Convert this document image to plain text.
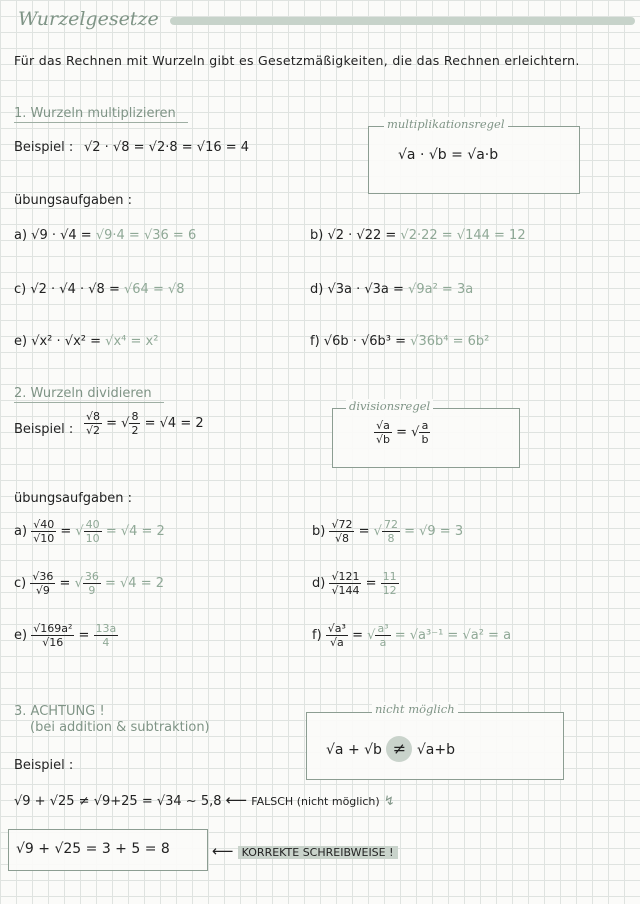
Wurzelgesetze
Für das Rechnen mit Wurzeln gibt es Gesetzmäßigkeiten, die das Rechnen erleichtern.
1. Wurzeln multiplizieren
Beispiel : √2 · √8 = √2·8 = √16 = 4
multiplikationsregel
√a · √b = √a·b
übungsaufgaben :
a) √9 · √4 = √9·4 = √36 = 6	b) √2 · √22 = √2·22 = √144 = 12
c) √2 · √4 · √8 = √64 = √8	d) √3a · √3a = √9a² = 3a
e) √x² · √x² = √x⁴ = x²	f) √6b · √6b³ = √36b⁴ = 6b²
2. Wurzeln dividieren
Beispiel : $\frac{√8}{√2}$ = √ $\frac{8}{2} = √4 = 2$
divisionsregel
$\frac{√a}{√b}$ = √ $\frac{a}{b}$
übungsaufgaben :
$a) \frac{√40}{√10}$ = √ $\frac{40}{10} = √4 = 2$	$b) \frac{√72}{√8}$ = √ $\frac{72}{8} = √9 = 3$
$c) \frac{√36}{√9}$ = √ $\frac{36}{9} = √4 = 2$	$d) \frac{√121}{√144} = \frac{11}{12}$
$e) \frac{\text{√169a²}}{√16} = \frac{13a}{4}$	$f) \frac{\text{√a³}}{√a}$ = √ $\frac{\text{a³}}{a} = √a^{3-1} = √a^2 = a$
3. ACHTUNG !
(bei addition & subtraktion)
nicht möglich
√a + √b ≠ √a+b
Beispiel :
√9 + √25 ≠ √9+25 = √34 ~ 5,8 ⟵ FALSCH (nicht möglich) ↯
√9 + √25 = 3 + 5 = 8	⟵ KORREKTE SCHREIBWEISE !
